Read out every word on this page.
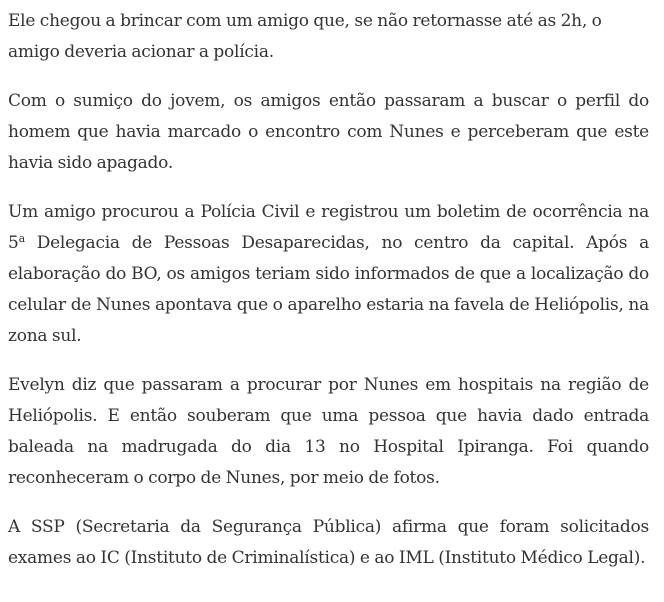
Ele chegou a brincar com um amigo que, se não retornasse até as 2h, o amigo deveria acionar a polícia.

Com o sumiço do jovem, os amigos então passaram a buscar o perfil do homem que havia marcado o encontro com Nunes e perceberam que este havia sido apagado.

Um amigo procurou a Polícia Civil e registrou um boletim de ocorrência na 5$^a$ Delegacia de Pessoas Desaparecidas, no centro da capital. Após a elaboração do BO, os amigos teriam sido informados de que a localização do celular de Nunes apontava que o aparelho estaria na favela de Heliópolis, na zona sul.

Evelyn diz que passaram a procurar por Nunes em hospitais na região de Heliópolis. E então souberam que uma pessoa que havia dado entrada baleada na madrugada do dia 13 no Hospital Ipiranga. Foi quando reconheceram o corpo de Nunes, por meio de fotos.

A SSP (Secretaria da Segurança Pública) afirma que foram solicitados exames ao IC (Instituto de Criminalística) e ao IML (Instituto Médico Legal).
